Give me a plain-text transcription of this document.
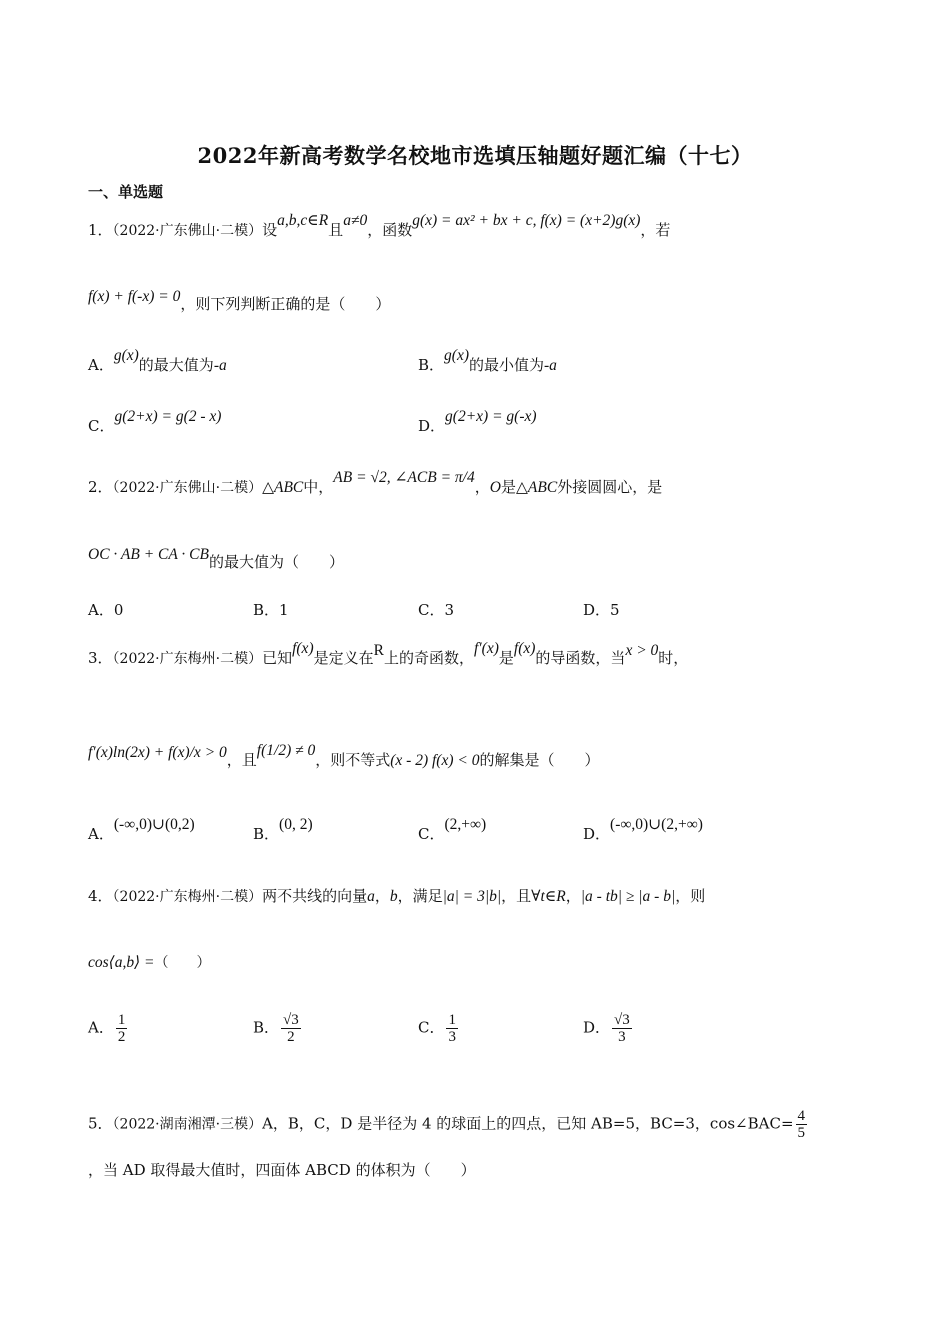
2022年新高考数学名校地市选填压轴题好题汇编（十七）
一、单选题
1．（2022·广东佛山·二模）设a,b,c∈R且a≠0，函数g(x) = ax² + bx + c, f(x) = (x+2)g(x)，若
f(x) + f(-x) = 0，则下列判断正确的是（　　）
A．g(x)的最大值为-a	B．g(x)的最小值为-a
C．g(2+x) = g(2 - x)
D．g(2+x) = g(-x)
2．（2022·广东佛山·二模）△ABC中，AB = √2, ∠ACB = π/4，O是△ABC外接圆圆心，是
OC · AB + CA · CB的最大值为（　　）
A．0	B．1	C．3	D．5
3．（2022·广东梅州·二模）已知f(x)是定义在R上的奇函数，f′(x)是f(x)的导函数，当x > 0时，
f′(x)ln(2x) + f(x)/x > 0，且f(1/2) ≠ 0，则不等式(x - 2) f(x) < 0的解集是（　　）
A．(-∞,0)∪(0,2)
B．(0, 2)
C．(2,+∞)
D．(-∞,0)∪(2,+∞)
4．（2022·广东梅州·二模）两不共线的向量a，b，满足|a| = 3|b|，且∀t∈R，|a - tb| ≥ |a - b|，则
cos⟨a,b⟩ =（　　）
A． $\frac{1}{2}$	B． $\frac{√3}{2}$	C． $\frac{1}{3}$	D． $\frac{√3}{3}$
5．（2022·湖南湘潭·三模）A，B，C，D 是半径为 4 的球面上的四点，已知 AB=5，BC=3，cos∠BAC= $\frac{4}{5}$
，当 AD 取得最大值时，四面体 ABCD 的体积为（　　）
